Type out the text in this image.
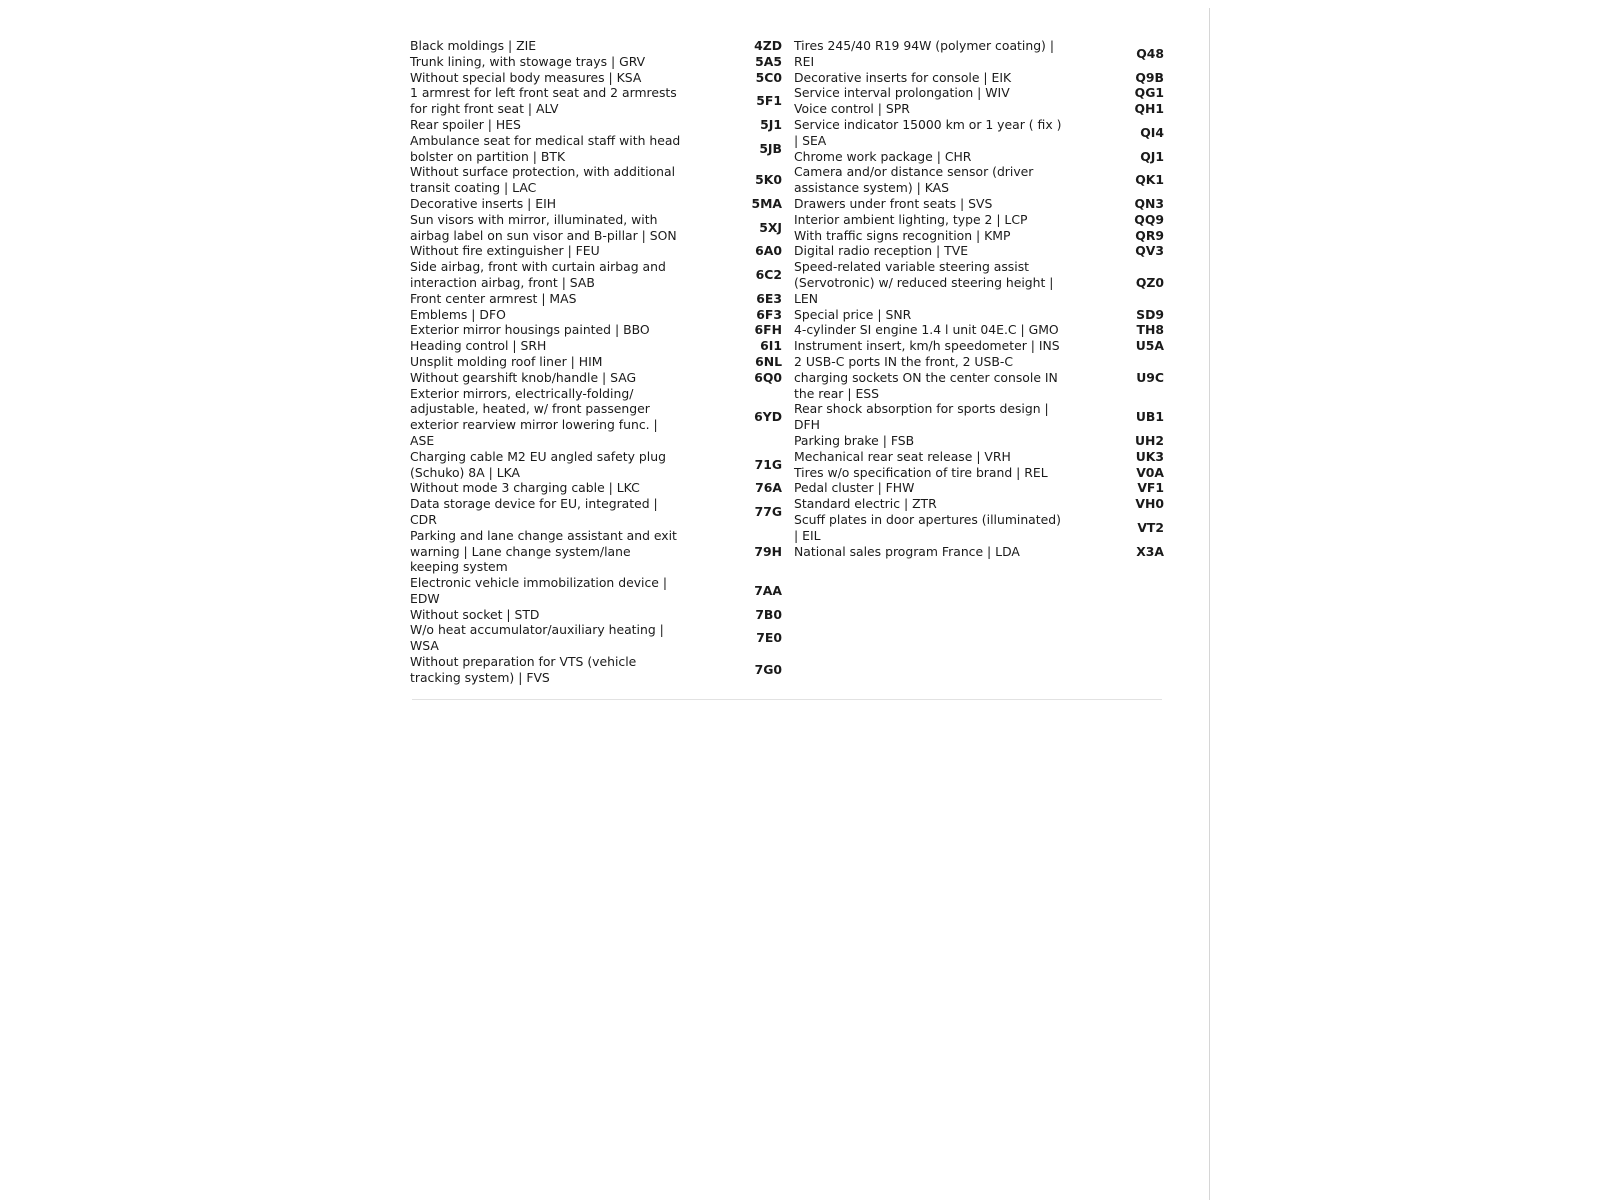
Black moldings | ZIE	4ZD
Trunk lining, with stowage trays | GRV	5A5
Without special body measures | KSA	5C0
1 armrest for left front seat and 2 armrests for right front seat | ALV
5F1
Rear spoiler | HES	5J1
Ambulance seat for medical staff with head bolster on partition | BTK
5JB
Without surface protection, with additional transit coating | LAC
5K0
Decorative inserts | EIH	5MA
Sun visors with mirror, illuminated, with airbag label on sun visor and B-pillar | SON
5XJ
Without fire extinguisher | FEU	6A0
Side airbag, front with curtain airbag and interaction airbag, front | SAB
6C2
Front center armrest | MAS	6E3
Emblems | DFO	6F3
Exterior mirror housings painted | BBO	6FH
Heading control | SRH	6I1
Unsplit molding roof liner | HIM	6NL
Without gearshift knob/handle | SAG	6Q0
Exterior mirrors, electrically-folding/ adjustable, heated, w/ front passenger exterior rearview mirror lowering func. | ASE
6YD
Charging cable M2 EU angled safety plug (Schuko) 8A | LKA
71G
Without mode 3 charging cable | LKC	76A
Data storage device for EU, integrated | CDR
77G
Parking and lane change assistant and exit warning | Lane change system/lane keeping system
79H
Electronic vehicle immobilization device | EDW
7AA
Without socket | STD	7B0
W/o heat accumulator/auxiliary heating | WSA
7E0
Without preparation for VTS (vehicle tracking system) | FVS
7G0
Tires 245/40 R19 94W (polymer coating) | REI
Q48
Decorative inserts for console | EIK	Q9B
Service interval prolongation | WIV	QG1
Voice control | SPR	QH1
Service indicator 15000 km or 1 year ( fix ) | SEA
QI4
Chrome work package | CHR	QJ1
Camera and/or distance sensor (driver assistance system) | KAS
QK1
Drawers under front seats | SVS	QN3
Interior ambient lighting, type 2 | LCP	QQ9
With traffic signs recognition | KMP	QR9
Digital radio reception | TVE	QV3
Speed-related variable steering assist (Servotronic) w/ reduced steering height | LEN
QZ0
Special price | SNR	SD9
4-cylinder SI engine 1.4 l unit 04E.C | GMO	TH8
Instrument insert, km/h speedometer | INS	U5A
2 USB-C ports IN the front, 2 USB-C charging sockets ON the center console IN the rear | ESS
U9C
Rear shock absorption for sports design | DFH
UB1
Parking brake | FSB	UH2
Mechanical rear seat release | VRH	UK3
Tires w/o specification of tire brand | REL	V0A
Pedal cluster | FHW	VF1
Standard electric | ZTR	VH0
Scuff plates in door apertures (illuminated) | EIL
VT2
National sales program France | LDA	X3A
